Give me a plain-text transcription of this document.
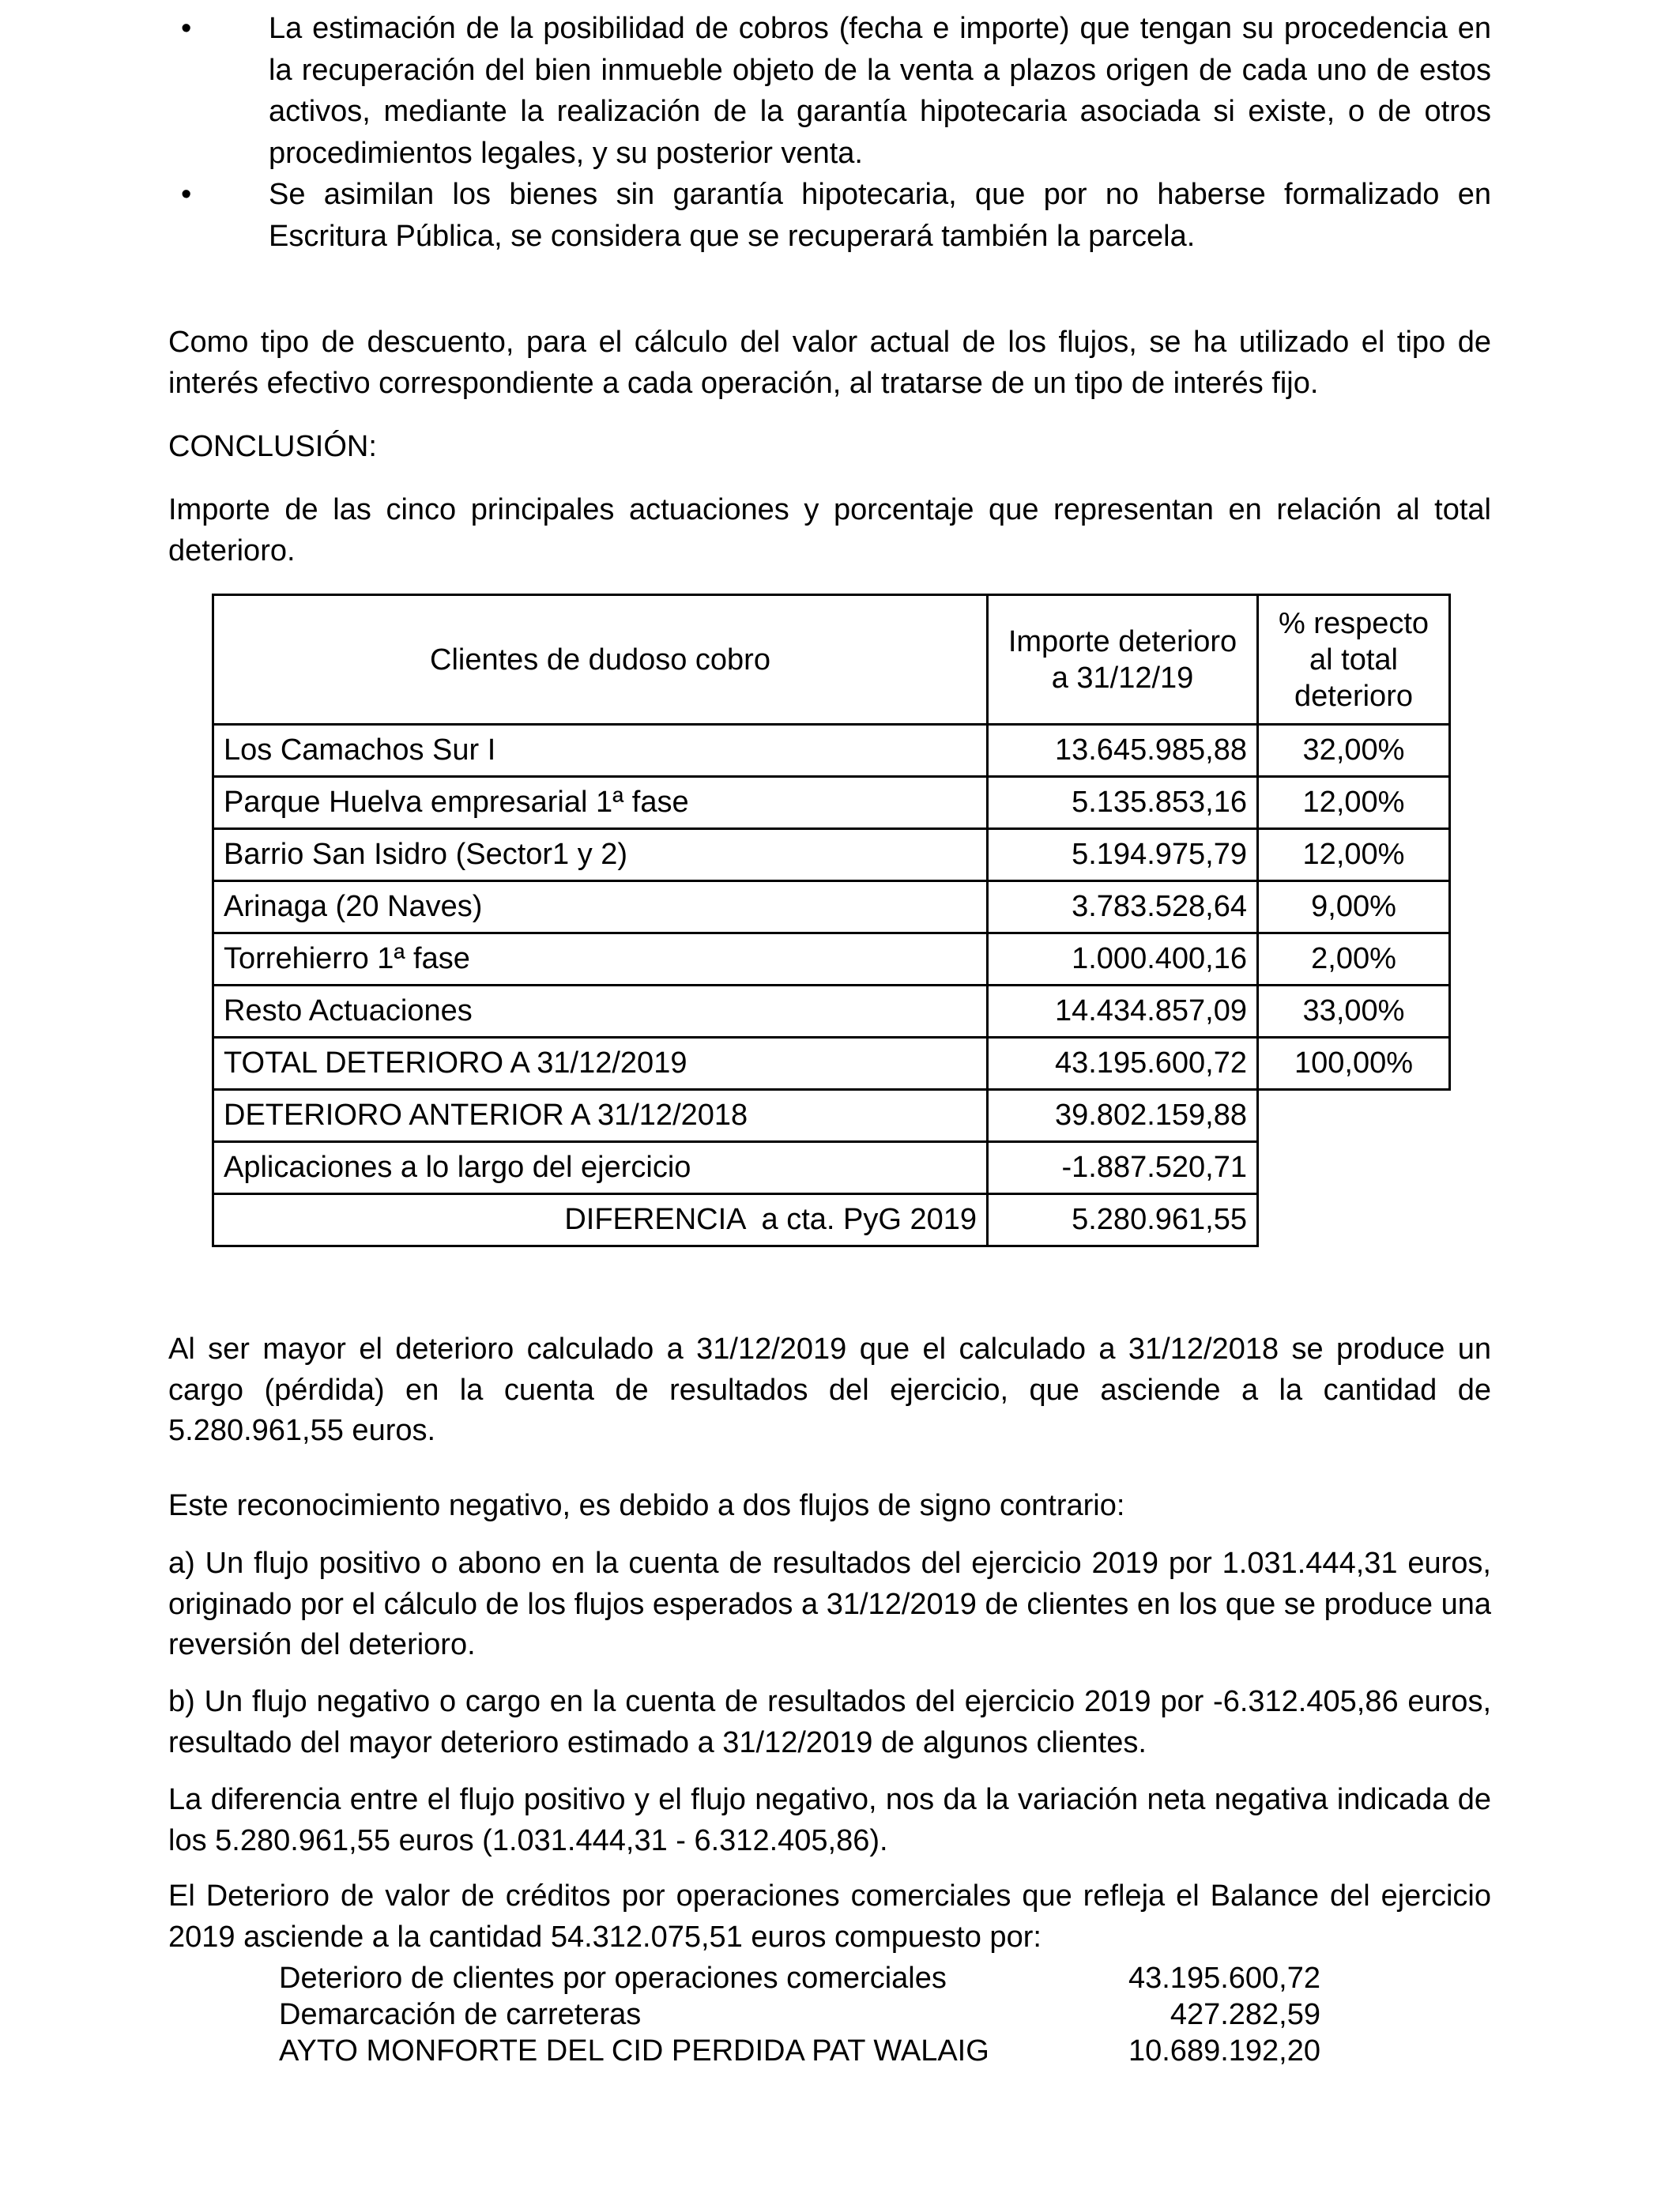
•	La estimación de la posibilidad de cobros (fecha e importe) que tengan su procedencia en la recuperación del bien inmueble objeto de la venta a plazos origen de cada uno de estos activos, mediante la realización de la garantía hipotecaria asociada si existe, o de otros procedimientos legales, y su posterior venta.
•	Se asimilan los bienes sin garantía hipotecaria, que por no haberse formalizado en Escritura Pública, se considera que se recuperará también la parcela.

Como tipo de descuento, para el cálculo del valor actual de los flujos, se ha utilizado el tipo de interés efectivo correspondiente a cada operación, al tratarse de un tipo de interés fijo.

CONCLUSIÓN:

Importe de las cinco principales actuaciones y porcentaje que representan en relación al total deterioro.

Clientes de dudoso cobro	Importe deterioro a 31/12/19	% respecto al total deterioro
Los Camachos Sur I	13.645.985,88	32,00%
Parque Huelva empresarial 1ª fase	5.135.853,16	12,00%
Barrio San Isidro (Sector1 y 2)	5.194.975,79	12,00%
Arinaga (20 Naves)	3.783.528,64	9,00%
Torrehierro 1ª fase	1.000.400,16	2,00%
Resto Actuaciones	14.434.857,09	33,00%
TOTAL DETERIORO A 31/12/2019	43.195.600,72	100,00%
DETERIORO ANTERIOR A 31/12/2018	39.802.159,88	
Aplicaciones a lo largo del ejercicio	-1.887.520,71	
DIFERENCIA  a cta. PyG 2019	5.280.961,55	

Al ser mayor el deterioro calculado a 31/12/2019 que el calculado a 31/12/2018 se produce un cargo (pérdida) en la cuenta de resultados del ejercicio, que asciende a la cantidad de 5.280.961,55 euros.

Este reconocimiento negativo, es debido a dos flujos de signo contrario:

a) Un flujo positivo o abono en la cuenta de resultados del ejercicio 2019 por 1.031.444,31 euros, originado por el cálculo de los flujos esperados a 31/12/2019 de clientes en los que se produce una reversión del deterioro.

b) Un flujo negativo o cargo en la cuenta de resultados del ejercicio 2019 por -6.312.405,86 euros, resultado del mayor deterioro estimado a 31/12/2019 de algunos clientes.

La diferencia entre el flujo positivo y el flujo negativo, nos da la variación neta negativa indicada de los 5.280.961,55 euros (1.031.444,31 - 6.312.405,86).

El Deterioro de valor de créditos por operaciones comerciales que refleja el Balance del ejercicio 2019 asciende a la cantidad 54.312.075,51 euros compuesto por:

Deterioro de clientes por operaciones comerciales	43.195.600,72
Demarcación de carreteras	427.282,59
AYTO MONFORTE DEL CID PERDIDA PAT WALAIG	10.689.192,20
